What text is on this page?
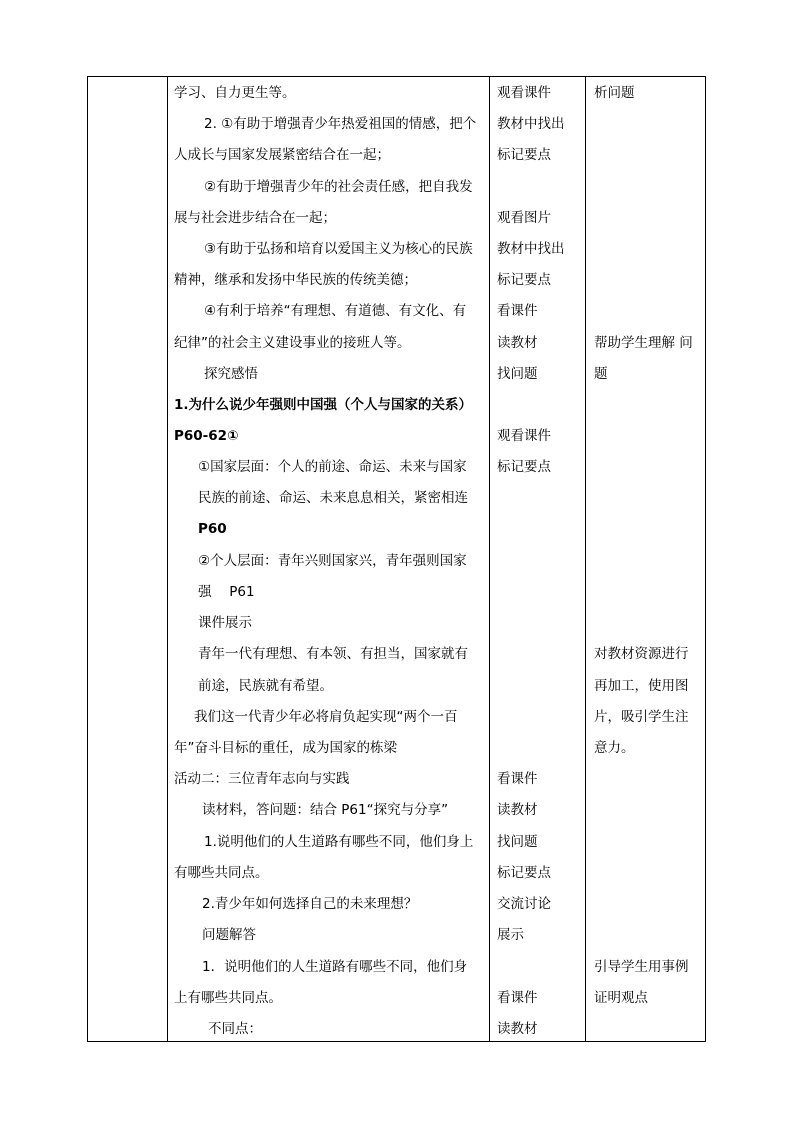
学习、自力更生等。
2. ①有助于增强青少年热爱祖国的情感，把个
人成长与国家发展紧密结合在一起；
②有助于增强青少年的社会责任感，把自我发
展与社会进步结合在一起；
③有助于弘扬和培育以爱国主义为核心的民族
精神，继承和发扬中华民族的传统美德；
④有利于培养“有理想、有道德、有文化、有
纪律”的社会主义建设事业的接班人等。
探究感悟
1.为什么说少年强则中国强（个人与国家的关系）
P60-62①
①国家层面：个人的前途、命运、未来与国家
民族的前途、命运、未来息息相关，紧密相连
P60
②个人层面：青年兴则国家兴，青年强则国家
强　 P61
课件展示
青年一代有理想、有本领、有担当，国家就有
前途，民族就有希望。
我们这一代青少年必将肩负起实现“两个一百
年”奋斗目标的重任，成为国家的栋梁
活动二：三位青年志向与实践
读材料，答问题：结合 P61“探究与分享”
1.说明他们的人生道路有哪些不同，他们身上
有哪些共同点。
2.青少年如何选择自己的未来理想？
问题解答
1．说明他们的人生道路有哪些不同，他们身
上有哪些共同点。
不同点：
观看课件
教材中找出
标记要点
观看图片
教材中找出
标记要点
看课件
读教材
找问题
观看课件
标记要点
看课件
读教材
找问题
标记要点
交流讨论
展示
看课件
读教材
析问题
帮助学生理解 问
题
对教材资源进行
再加工，使用图
片，吸引学生注
意力。
引导学生用事例
证明观点
